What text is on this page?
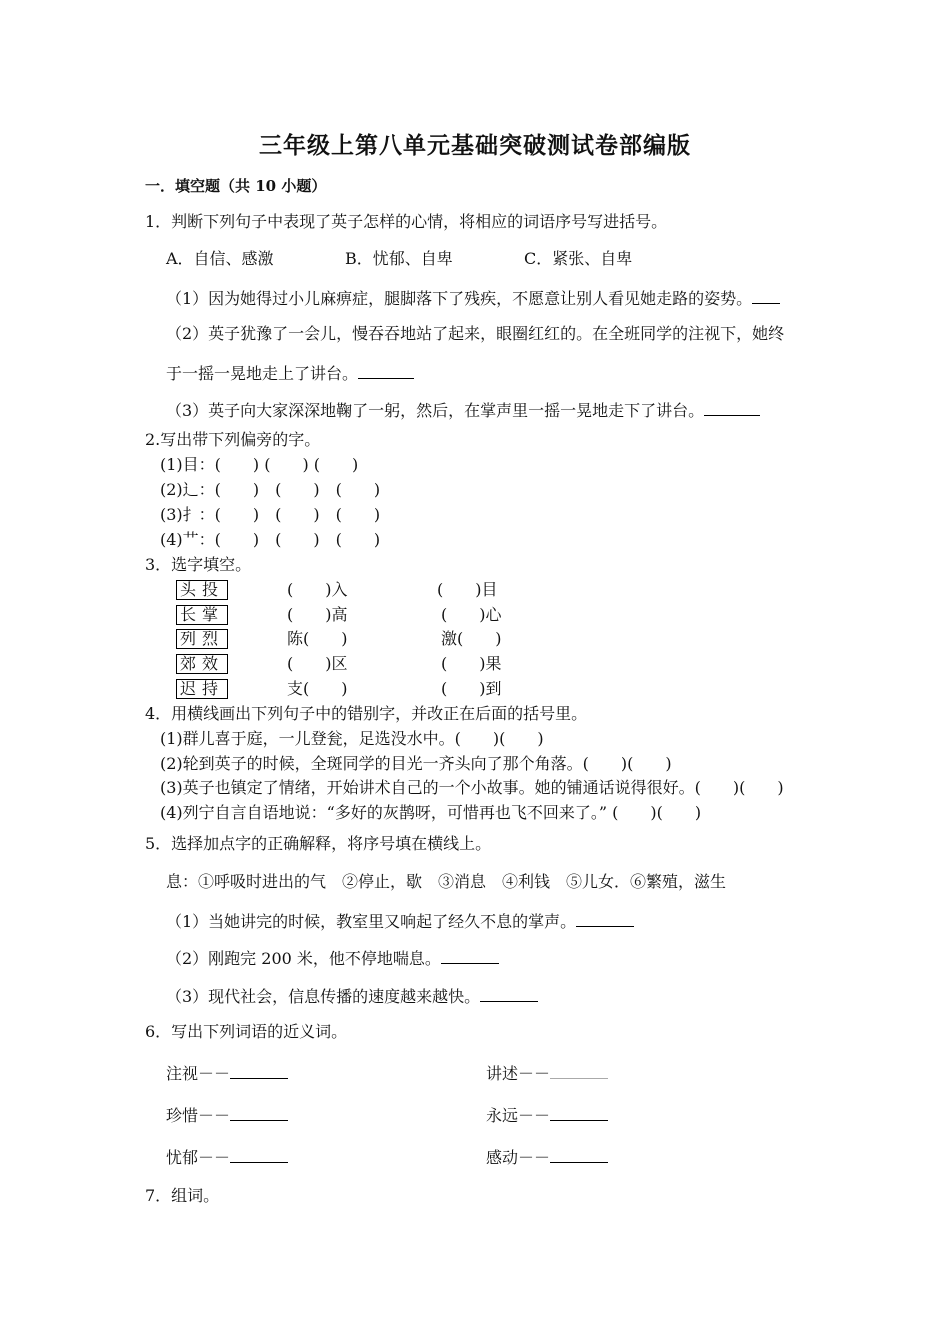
三年级上第八单元基础突破测试卷部编版
一．填空题（共 10 小题）
1．判断下列句子中表现了英子怎样的心情，将相应的词语序号写进括号。
A．自信、感激	B．忧郁、自卑	C．紧张、自卑
（1）因为她得过小儿麻痹症，腿脚落下了残疾，不愿意让别人看见她走路的姿势。
（2）英子犹豫了一会儿，慢吞吞地站了起来，眼圈红红的。在全班同学的注视下，她终
于一摇一晃地走上了讲台。
（3）英子向大家深深地鞠了一躬，然后，在掌声里一摇一晃地走下了讲台。
2.写出带下列偏旁的字。
(1)目：(　　) (　　) (　　)
(2)辶：(　　)　(　　)　(　　)
(3)扌：(　　)　(　　)　(　　)
(4)艹：(　　)　(　　)　(　　)
3．选字填空。
头投	(　　)入	(　　)目
长掌	(　　)高	(　　)心
列烈	陈(　　)	激(　　)
郊效	(　　)区	(　　)果
迟持	支(　　)	(　　)到
4．用横线画出下列句子中的错别字，并改正在后面的括号里。
(1)群儿喜于庭，一儿登瓮，足选没水中。(　　)(　　)
(2)轮到英子的时候，全斑同学的目光一齐头向了那个角落。(　　)(　　)
(3)英子也镇定了情绪，开始讲术自己的一个小故事。她的铺通话说得很好。(　　)(　　)
(4)列宁自言自语地说：“多好的灰鹊呀，可惜再也飞不回来了。” (　　)(　　)
5．选择加点字的正确解释，将序号填在横线上。
息：①呼吸时进出的气　②停止，歇　③消息　④利钱　⑤儿女．⑥繁殖，滋生
（1）当她讲完的时候，教室里又响起了经久不息的掌声。
（2）刚跑完 200 米，他不停地喘息。
（3）现代社会，信息传播的速度越来越快。
6．写出下列词语的近义词。
注视－－	讲述－－
珍惜－－	永远－－
忧郁－－	感动－－
7．组词。
